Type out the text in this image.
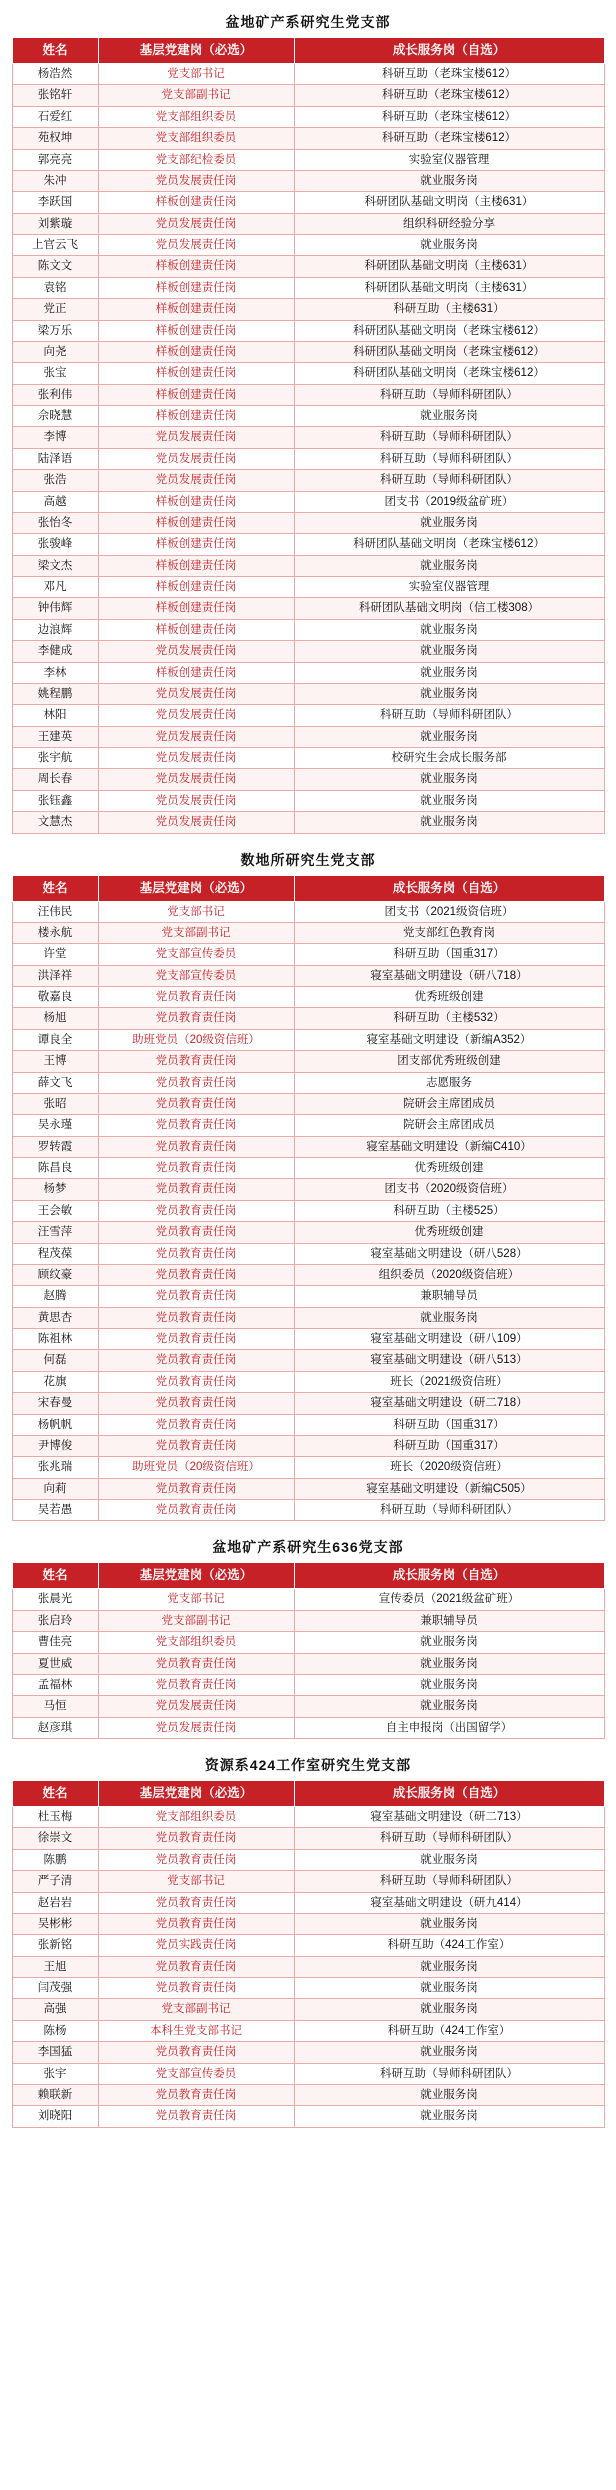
盆地矿产系研究生党支部
姓名	基层党建岗（必选）	成长服务岗（自选）
杨浩然	党支部书记	科研互助（老珠宝楼612）
张铭轩	党支部副书记	科研互助（老珠宝楼612）
石爱红	党支部组织委员	科研互助（老珠宝楼612）
苑权坤	党支部组织委员	科研互助（老珠宝楼612）
郭亮亮	党支部纪检委员	实验室仪器管理
朱冲	党员发展责任岗	就业服务岗
李跃国	样板创建责任岗	科研团队基础文明岗（主楼631）
刘紫璇	党员发展责任岗	组织科研经验分享
上官云飞	党员发展责任岗	就业服务岗
陈文文	样板创建责任岗	科研团队基础文明岗（主楼631）
袁铭	样板创建责任岗	科研团队基础文明岗（主楼631）
党正	样板创建责任岗	科研互助（主楼631）
梁万乐	样板创建责任岗	科研团队基础文明岗（老珠宝楼612）
向尧	样板创建责任岗	科研团队基础文明岗（老珠宝楼612）
张宝	样板创建责任岗	科研团队基础文明岗（老珠宝楼612）
张利伟	样板创建责任岗	科研互助（导师科研团队）
佘晓慧	样板创建责任岗	就业服务岗
李博	党员发展责任岗	科研互助（导师科研团队）
陆泽语	党员发展责任岗	科研互助（导师科研团队）
张浩	党员发展责任岗	科研互助（导师科研团队）
高越	样板创建责任岗	团支书（2019级盆矿班）
张怡冬	样板创建责任岗	就业服务岗
张骏峰	样板创建责任岗	科研团队基础文明岗（老珠宝楼612）
梁文杰	样板创建责任岗	就业服务岗
邓凡	样板创建责任岗	实验室仪器管理
钟伟辉	样板创建责任岗	科研团队基础文明岗（信工楼308）
边浪辉	样板创建责任岗	就业服务岗
李健成	党员发展责任岗	就业服务岗
李林	样板创建责任岗	就业服务岗
姚程鹏	党员发展责任岗	就业服务岗
林阳	党员发展责任岗	科研互助（导师科研团队）
王建英	党员发展责任岗	就业服务岗
张宇航	党员发展责任岗	校研究生会成长服务部
周长春	党员发展责任岗	就业服务岗
张钰鑫	党员发展责任岗	就业服务岗
文慧杰	党员发展责任岗	就业服务岗
数地所研究生党支部
姓名	基层党建岗（必选）	成长服务岗（自选）
汪伟民	党支部书记	团支书（2021级资信班）
楼永航	党支部副书记	党支部红色教育岗
许堂	党支部宣传委员	科研互助（国重317）
洪泽祥	党支部宣传委员	寝室基础文明建设（研八718）
敬嘉良	党员教育责任岗	优秀班级创建
杨旭	党员教育责任岗	科研互助（主楼532）
谭良全	助班党员（20级资信班）	寝室基础文明建设（新编A352）
王博	党员教育责任岗	团支部优秀班级创建
薛文飞	党员教育责任岗	志愿服务
张昭	党员教育责任岗	院研会主席团成员
吴永瑾	党员教育责任岗	院研会主席团成员
罗转霞	党员教育责任岗	寝室基础文明建设（新编C410）
陈昌良	党员教育责任岗	优秀班级创建
杨梦	党员教育责任岗	团支书（2020级资信班）
王会敏	党员教育责任岗	科研互助（主楼525）
汪雪萍	党员教育责任岗	优秀班级创建
程茂葆	党员教育责任岗	寝室基础文明建设（研八528）
顾纹豪	党员教育责任岗	组织委员（2020级资信班）
赵腾	党员教育责任岗	兼职辅导员
黄思杏	党员教育责任岗	就业服务岗
陈祖林	党员教育责任岗	寝室基础文明建设（研八109）
何磊	党员教育责任岗	寝室基础文明建设（研八513）
花旗	党员教育责任岗	班长（2021级资信班）
宋春曼	党员教育责任岗	寝室基础文明建设（研二718）
杨帆帆	党员教育责任岗	科研互助（国重317）
尹博俊	党员教育责任岗	科研互助（国重317）
张兆瑞	助班党员（20级资信班）	班长（2020级资信班）
向莉	党员教育责任岗	寝室基础文明建设（新编C505）
吴若愚	党员教育责任岗	科研互助（导师科研团队）
盆地矿产系研究生636党支部
姓名	基层党建岗（必选）	成长服务岗（自选）
张晨光	党支部书记	宣传委员（2021级盆矿班）
张启玲	党支部副书记	兼职辅导员
曹佳亮	党支部组织委员	就业服务岗
夏世威	党员教育责任岗	就业服务岗
孟福林	党员教育责任岗	就业服务岗
马恒	党员发展责任岗	就业服务岗
赵彦琪	党员发展责任岗	自主申报岗（出国留学）
资源系424工作室研究生党支部
姓名	基层党建岗（必选）	成长服务岗（自选）
杜玉梅	党支部组织委员	寝室基础文明建设（研二713）
徐崇文	党员教育责任岗	科研互助（导师科研团队）
陈鹏	党员教育责任岗	就业服务岗
严子清	党支部书记	科研互助（导师科研团队）
赵岩岩	党员教育责任岗	寝室基础文明建设（研九414）
吴彬彬	党员教育责任岗	就业服务岗
张新铭	党员实践责任岗	科研互助（424工作室）
王旭	党员教育责任岗	就业服务岗
闫茂强	党员教育责任岗	就业服务岗
高强	党支部副书记	就业服务岗
陈杨	本科生党支部书记	科研互助（424工作室）
李国猛	党员教育责任岗	就业服务岗
张宇	党支部宣传委员	科研互助（导师科研团队）
赖联新	党员教育责任岗	就业服务岗
刘晓阳	党员教育责任岗	就业服务岗
